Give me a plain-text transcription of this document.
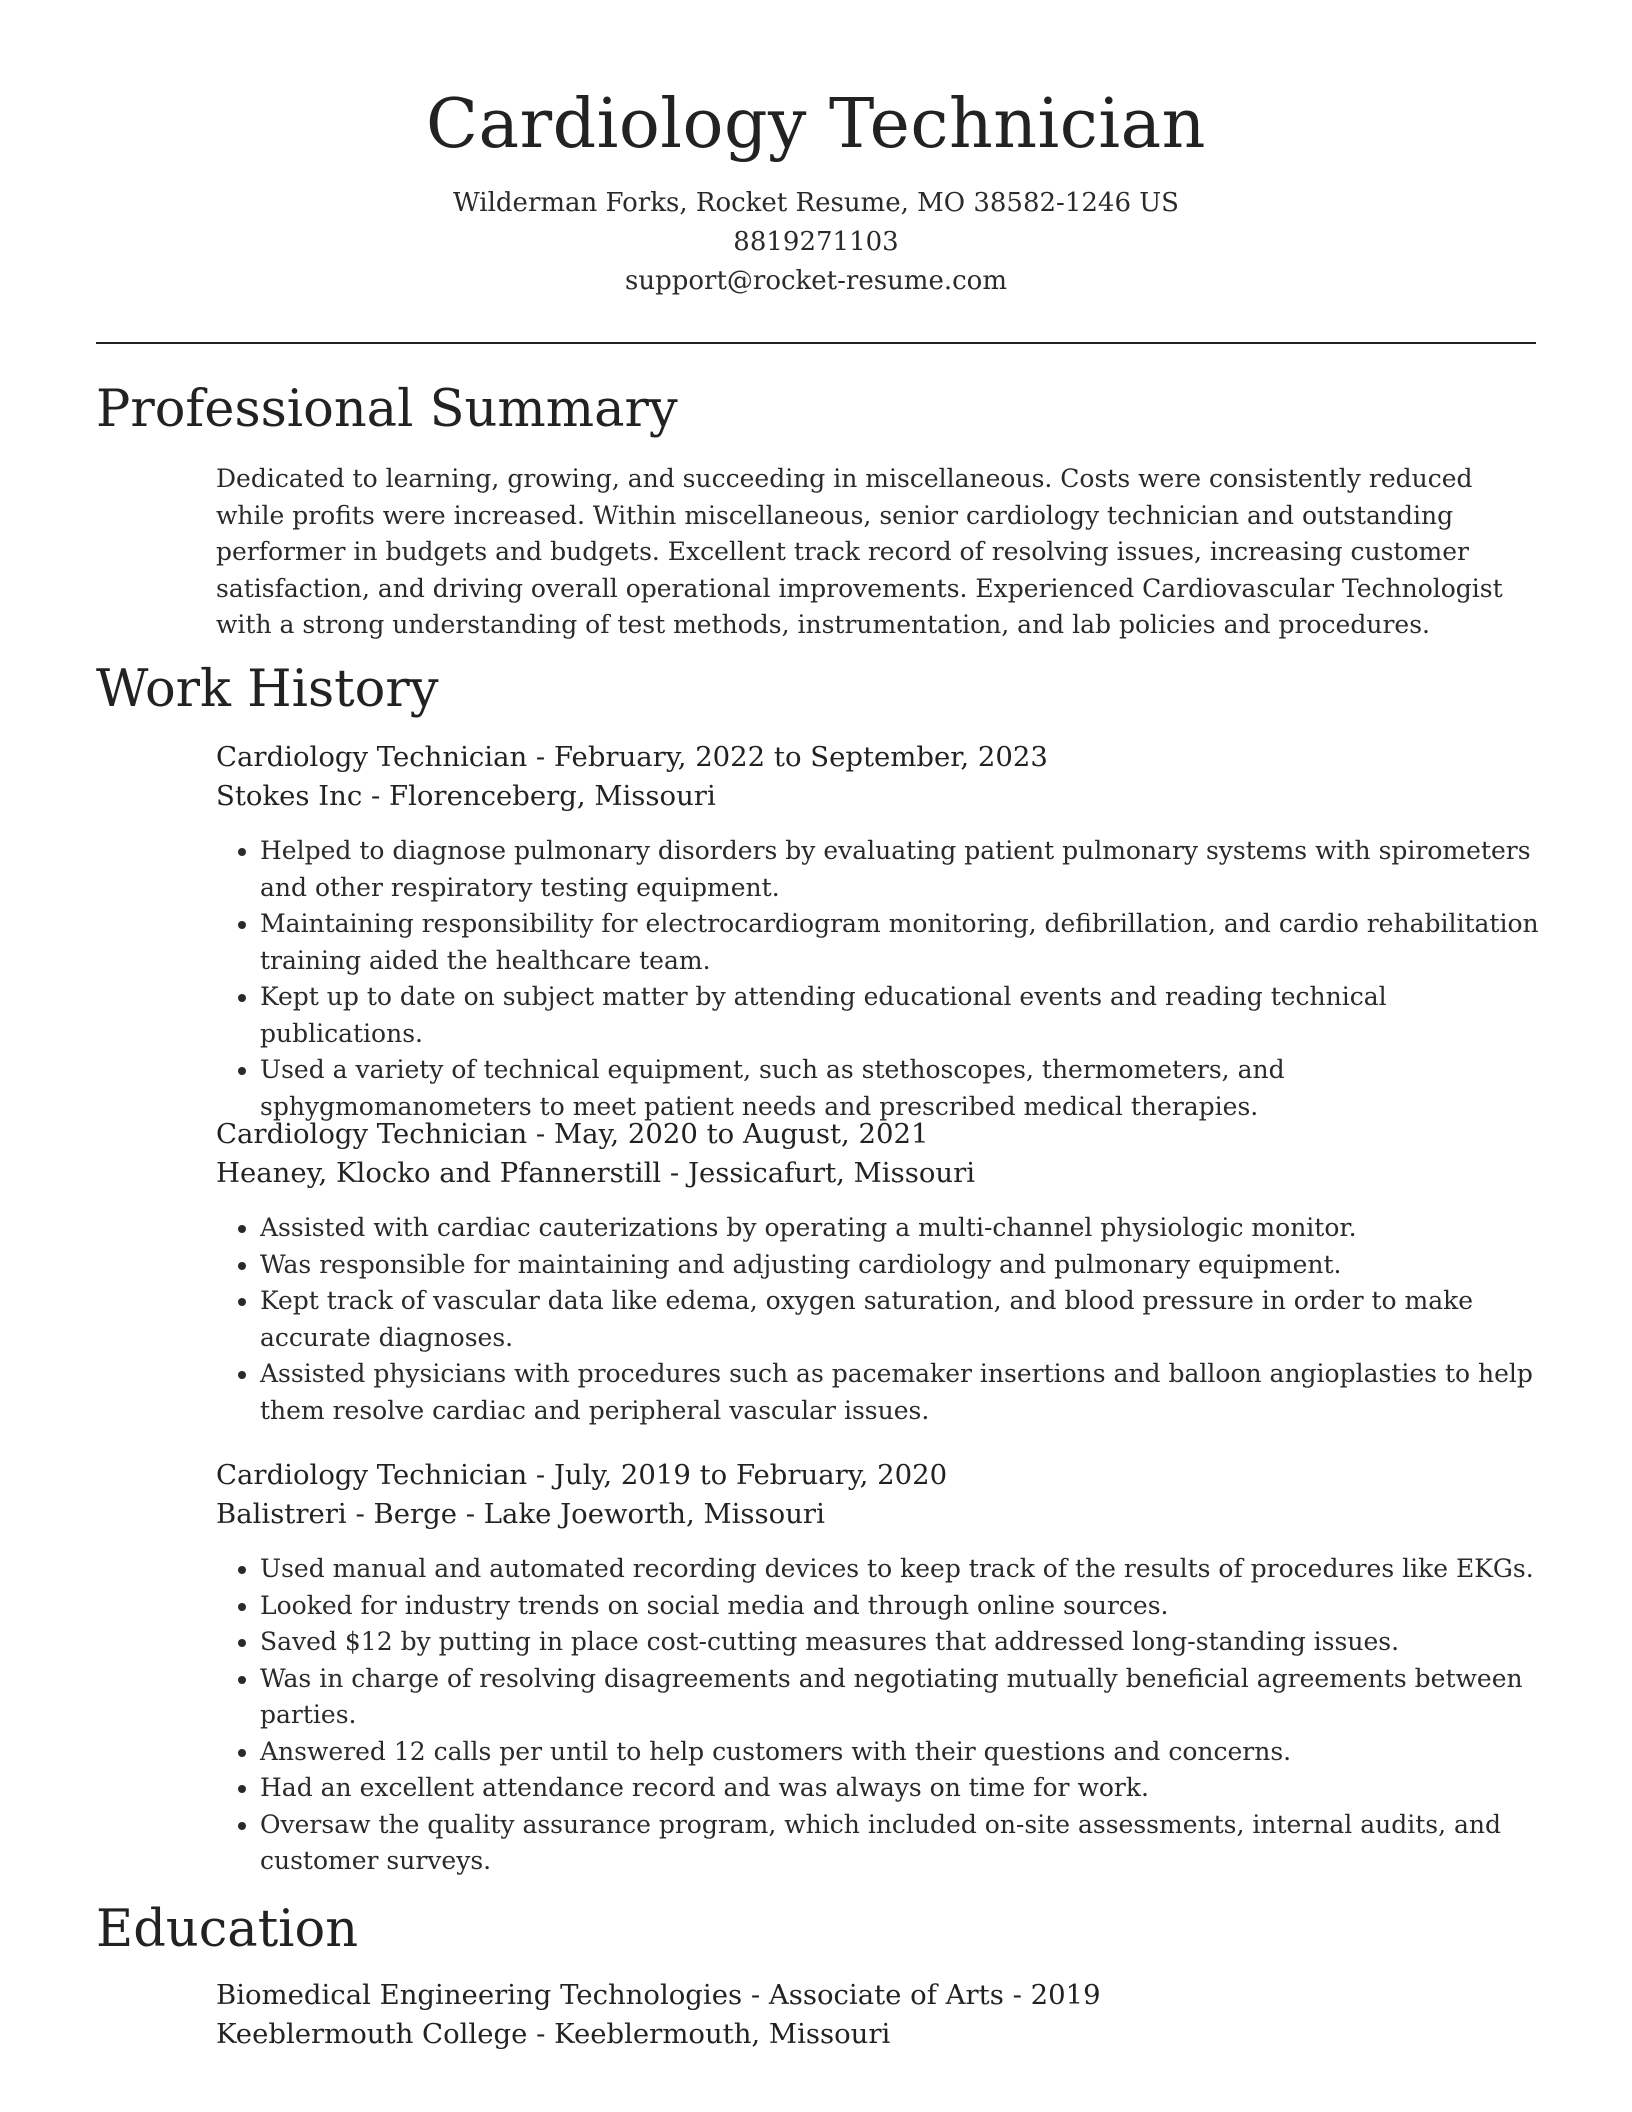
Cardiology Technician
Wilderman Forks, Rocket Resume, MO 38582-1246 US
8819271103
support@rocket-resume.com
Professional Summary

Dedicated to learning, growing, and succeeding in miscellaneous. Costs were consistently reduced while profits were increased. Within miscellaneous, senior cardiology technician and outstanding performer in budgets and budgets. Excellent track record of resolving issues, increasing customer satisfaction, and driving overall operational improvements. Experienced Cardiovascular Technologist with a strong understanding of test methods, instrumentation, and lab policies and procedures.

Work History
Cardiology Technician - February, 2022 to September, 2023
Stokes Inc - Florenceberg, Missouri
• Helped to diagnose pulmonary disorders by evaluating patient pulmonary systems with spirometers and other respiratory testing equipment.
• Maintaining responsibility for electrocardiogram monitoring, defibrillation, and cardio rehabilitation training aided the healthcare team.
• Kept up to date on subject matter by attending educational events and reading technical publications.
• Used a variety of technical equipment, such as stethoscopes, thermometers, and sphygmomanometers to meet patient needs and prescribed medical therapies.
Cardiology Technician - May, 2020 to August, 2021
Heaney, Klocko and Pfannerstill - Jessicafurt, Missouri
• Assisted with cardiac cauterizations by operating a multi-channel physiologic monitor.
• Was responsible for maintaining and adjusting cardiology and pulmonary equipment.
• Kept track of vascular data like edema, oxygen saturation, and blood pressure in order to make accurate diagnoses.
• Assisted physicians with procedures such as pacemaker insertions and balloon angioplasties to help them resolve cardiac and peripheral vascular issues.
Cardiology Technician - July, 2019 to February, 2020
Balistreri - Berge - Lake Joeworth, Missouri
• Used manual and automated recording devices to keep track of the results of procedures like EKGs.
• Looked for industry trends on social media and through online sources.
• Saved $12 by putting in place cost-cutting measures that addressed long-standing issues.
• Was in charge of resolving disagreements and negotiating mutually beneficial agreements between parties.
• Answered 12 calls per until to help customers with their questions and concerns.
• Had an excellent attendance record and was always on time for work.
• Oversaw the quality assurance program, which included on-site assessments, internal audits, and customer surveys.
Education
Biomedical Engineering Technologies - Associate of Arts - 2019
Keeblermouth College - Keeblermouth, Missouri
